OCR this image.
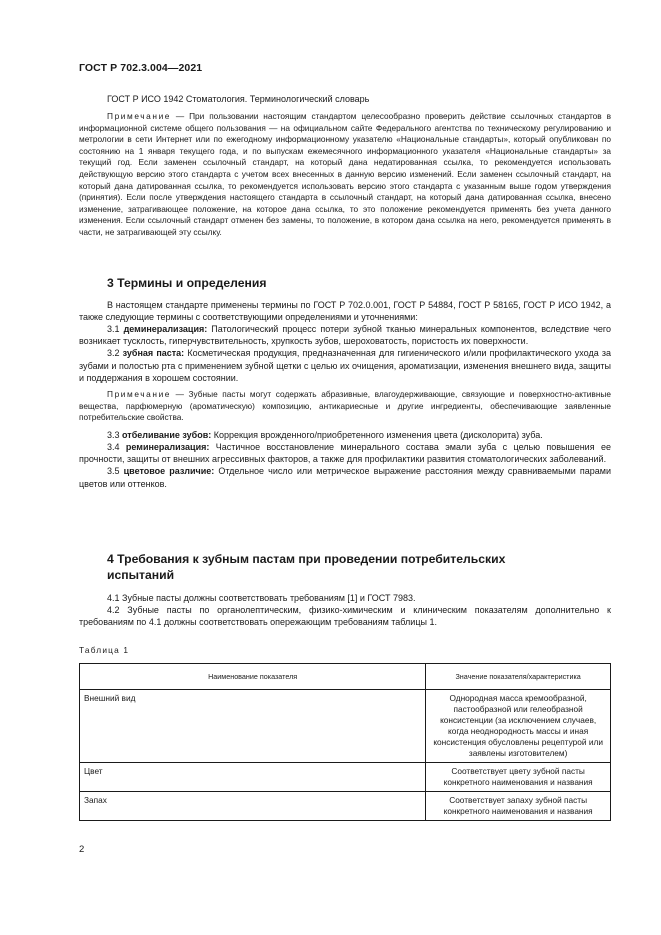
ГОСТ Р 702.3.004—2021

ГОСТ Р ИСО 1942 Стоматология. Терминологический словарь

Примечание — При пользовании настоящим стандартом целесообразно проверить действие ссылочных стандартов в информационной системе общего пользования — на официальном сайте Федерального агентства по техническому регулированию и метрологии в сети Интернет или по ежегодному информационному указателю «Национальные стандарты», который опубликован по состоянию на 1 января текущего года, и по выпускам ежемесячного информационного указателя «Национальные стандарты» за текущий год. Если заменен ссылочный стандарт, на который дана недатированная ссылка, то рекомендуется использовать действующую версию этого стандарта с учетом всех внесенных в данную версию изменений. Если заменен ссылочный стандарт, на который дана датированная ссылка, то рекомендуется использовать версию этого стандарта с указанным выше годом утверждения (принятия). Если после утверждения настоящего стандарта в ссылочный стандарт, на который дана датированная ссылка, внесено изменение, затрагивающее положение, на которое дана ссылка, то это положение рекомендуется применять без учета данного изменения. Если ссылочный стандарт отменен без замены, то положение, в котором дана ссылка на него, рекомендуется применять в части, не затрагивающей эту ссылку.

3 Термины и определения

В настоящем стандарте применены термины по ГОСТ Р 702.0.001, ГОСТ Р 54884, ГОСТ Р 58165, ГОСТ Р ИСО 1942, а также следующие термины с соответствующими определениями и уточнениями:

3.1 деминерализация: Патологический процесс потери зубной тканью минеральных компонентов, вследствие чего возникает тусклость, гиперчувствительность, хрупкость зубов, шероховатость, пористость их поверхности.

3.2 зубная паста: Косметическая продукция, предназначенная для гигиенического и/или профилактического ухода за зубами и полостью рта с применением зубной щетки с целью их очищения, ароматизации, изменения внешнего вида, защиты и поддержания в хорошем состоянии.

Примечание — Зубные пасты могут содержать абразивные, влагоудерживающие, связующие и поверхностно-активные вещества, парфюмерную (ароматическую) композицию, антикариесные и другие ингредиенты, обеспечивающие заявленные потребительские свойства.

3.3 отбеливание зубов: Коррекция врожденного/приобретенного изменения цвета (дисколорита) зуба.

3.4 реминерализация: Частичное восстановление минерального состава эмали зуба с целью повышения ее прочности, защиты от внешних агрессивных факторов, а также для профилактики развития стоматологических заболеваний.

3.5 цветовое различие: Отдельное число или метрическое выражение расстояния между сравниваемыми парами цветов или оттенков.

4 Требования к зубным пастам при проведении потребительских испытаний

4.1 Зубные пасты должны соответствовать требованиям [1] и ГОСТ 7983.

4.2 Зубные пасты по органолептическим, физико-химическим и клиническим показателям дополнительно к требованиям по 4.1 должны соответствовать опережающим требованиям таблицы 1.

Таблица 1
Наименование показателя	Значение показателя/характеристика
Внешний вид	Однородная масса кремообразной, пастообразной или гелеобразной консистенции (за исключением случаев, когда неоднородность массы и иная консистенция обусловлены рецептурой или заявлены изготовителем)
Цвет	Соответствует цвету зубной пасты конкретного наименования и названия
Запах	Соответствует запаху зубной пасты конкретного наименования и названия
2
